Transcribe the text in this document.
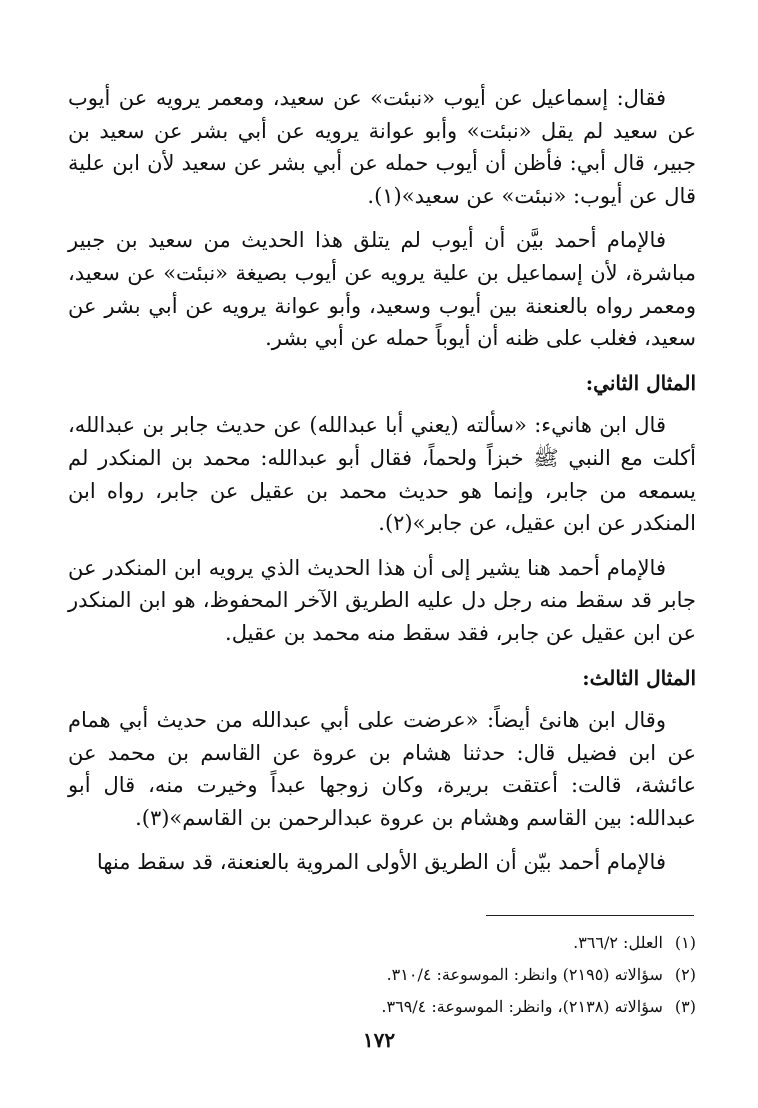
فقال: إسماعيل عن أيوب «نبئت» عن سعيد، ومعمر يرويه عن أيوب عن سعيد لم يقل «نبئت» وأبو عوانة يرويه عن أبي بشر عن سعيد بن جبير، قال أبي: فأظن أن أيوب حمله عن أبي بشر عن سعيد لأن ابن علية قال عن أيوب: «نبئت» عن سعيد»(١).

فالإمام أحمد بيَّن أن أيوب لم يتلق هذا الحديث من سعيد بن جبير مباشرة، لأن إسماعيل بن علية يرويه عن أيوب بصيغة «نبئت» عن سعيد، ومعمر رواه بالعنعنة بين أيوب وسعيد، وأبو عوانة يرويه عن أبي بشر عن سعيد، فغلب على ظنه أن أيوباً حمله عن أبي بشر.

المثال الثاني:

قال ابن هانيء: «سألته (يعني أبا عبدالله) عن حديث جابر بن عبدالله، أكلت مع النبي ﷺ خبزاً ولحماً، فقال أبو عبدالله: محمد بن المنكدر لم يسمعه من جابر، وإنما هو حديث محمد بن عقيل عن جابر، رواه ابن المنكدر عن ابن عقيل، عن جابر»(٢).

فالإمام أحمد هنا يشير إلى أن هذا الحديث الذي يرويه ابن المنكدر عن جابر قد سقط منه رجل دل عليه الطريق الآخر المحفوظ، هو ابن المنكدر عن ابن عقيل عن جابر، فقد سقط منه محمد بن عقيل.

المثال الثالث:

وقال ابن هانئ أيضاً: «عرضت على أبي عبدالله من حديث أبي همام عن ابن فضيل قال: حدثنا هشام بن عروة عن القاسم بن محمد عن عائشة، قالت: أعتقت بريرة، وكان زوجها عبداً وخيرت منه، قال أبو عبدالله: بين القاسم وهشام بن عروة عبدالرحمن بن القاسم»(٣).

فالإمام أحمد بيّن أن الطريق الأولى المروية بالعنعنة، قد سقط منها

(١) العلل: ٣٦٦/٢.

(٢) سؤالاته (٢١٩٥) وانظر: الموسوعة: ٣١٠/٤.

(٣) سؤالاته (٢١٣٨)، وانظر: الموسوعة: ٣٦٩/٤.

١٧٢
